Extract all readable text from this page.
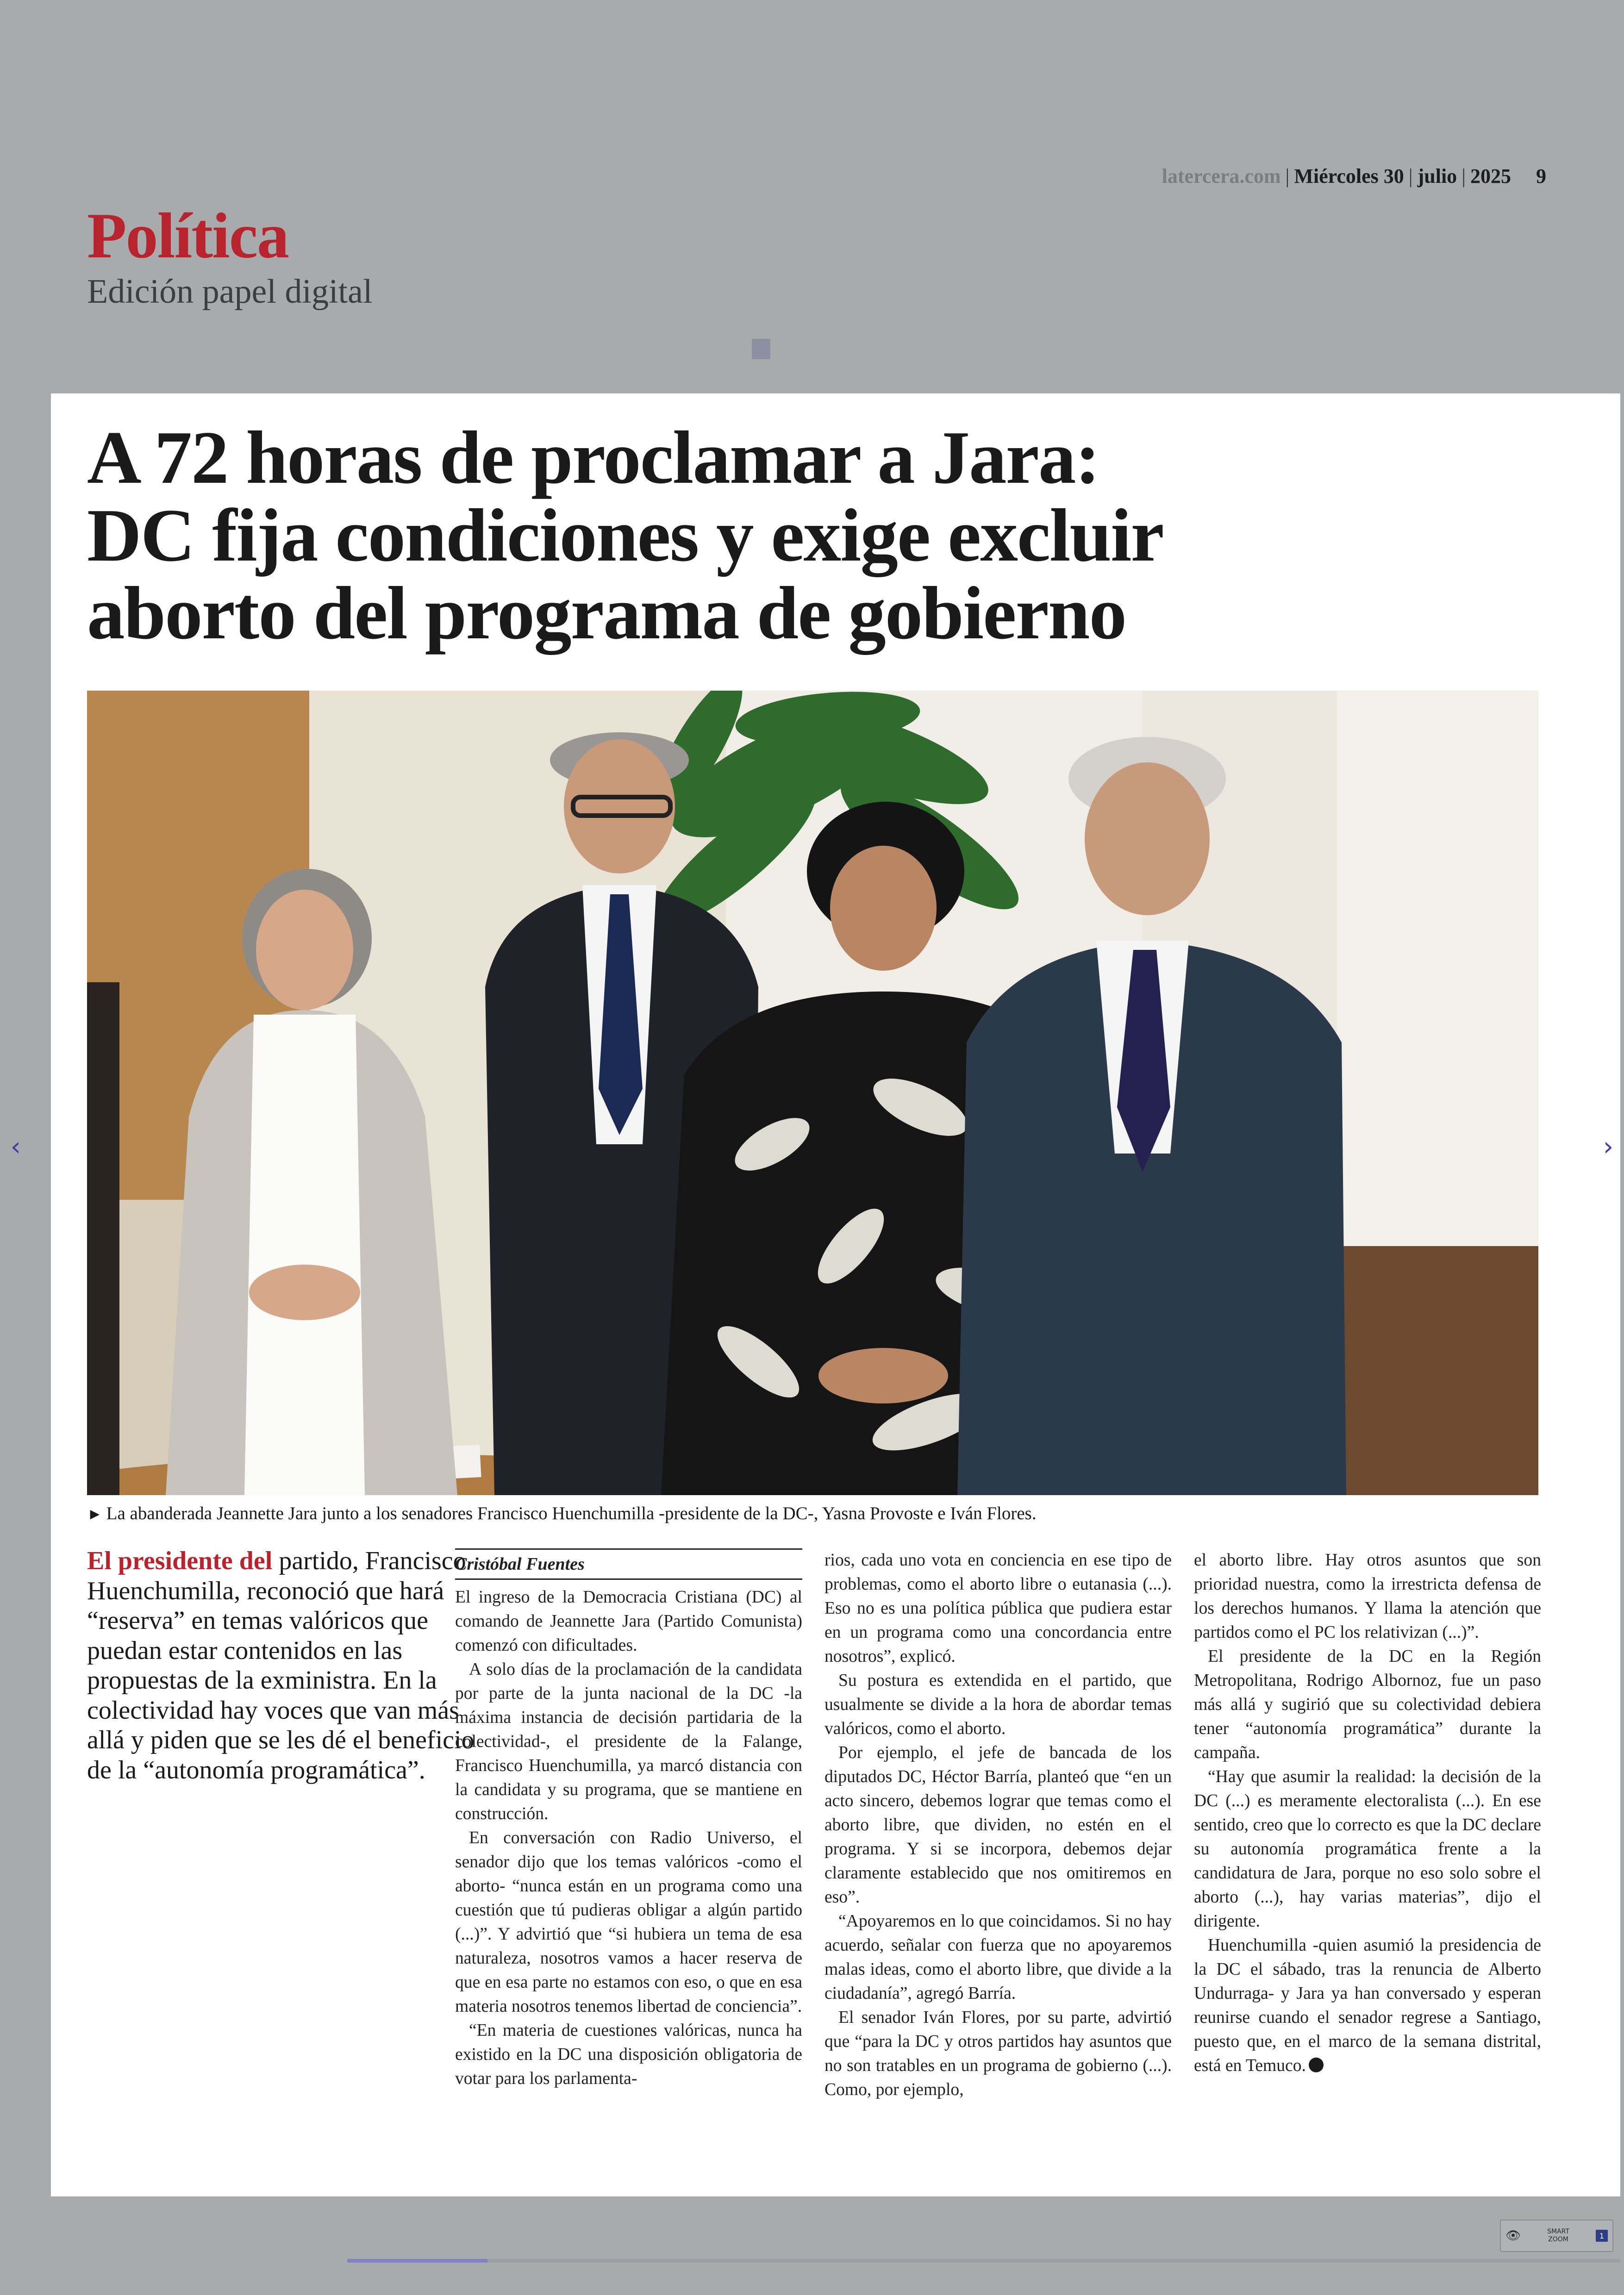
latercera.com | Miércoles 30 | julio | 2025 9
Política
Edición papel digital
A 72 horas de proclamar a Jara:
DC fija condiciones y exige excluir
aborto del programa de gobierno
► La abanderada Jeannette Jara junto a los senadores Francisco Huenchumilla -presidente de la DC-, Yasna Provoste e Iván Flores.
El presidente del partido, Francisco Huenchumilla, reconoció que hará “reserva” en temas valóricos que puedan estar contenidos en las propuestas de la exministra. En la colectividad hay voces que van más allá y piden que se les dé el beneficio de la “autonomía programática”.
Cristóbal Fuentes

El ingreso de la Democracia Cristiana (DC) al comando de Jeannette Jara (Partido Comunista) comenzó con dificultades.

A solo días de la proclamación de la candidata por parte de la junta nacional de la DC -la máxima instancia de decisión partidaria de la colectividad-, el presidente de la Falange, Francisco Huenchumilla, ya marcó distancia con la candidata y su programa, que se mantiene en construcción.

En conversación con Radio Universo, el senador dijo que los temas valóricos -como el aborto- “nunca están en un programa como una cuestión que tú pudieras obligar a algún partido (...)”. Y advirtió que “si hubiera un tema de esa naturaleza, nosotros vamos a hacer reserva de que en esa parte no estamos con eso, o que en esa materia nosotros tenemos libertad de conciencia”.

“En materia de cuestiones valóricas, nunca ha existido en la DC una disposición obligatoria de votar para los parlamenta-

rios, cada uno vota en conciencia en ese tipo de problemas, como el aborto libre o eutanasia (...). Eso no es una política pública que pudiera estar en un programa como una concordancia entre nosotros”, explicó.

Su postura es extendida en el partido, que usualmente se divide a la hora de abordar temas valóricos, como el aborto.

Por ejemplo, el jefe de bancada de los diputados DC, Héctor Barría, planteó que “en un acto sincero, debemos lograr que temas como el aborto libre, que dividen, no estén en el programa. Y si se incorpora, debemos dejar claramente establecido que nos omitiremos en eso”.

“Apoyaremos en lo que coincidamos. Si no hay acuerdo, señalar con fuerza que no apoyaremos malas ideas, como el aborto libre, que divide a la ciudadanía”, agregó Barría.

El senador Iván Flores, por su parte, advirtió que “para la DC y otros partidos hay asuntos que no son tratables en un programa de gobierno (...). Como, por ejemplo,

el aborto libre. Hay otros asuntos que son prioridad nuestra, como la irrestricta defensa de los derechos humanos. Y llama la atención que partidos como el PC los relativizan (...)”.

El presidente de la DC en la Región Metropolitana, Rodrigo Albornoz, fue un paso más allá y sugirió que su colectividad debiera tener “autonomía programática” durante la campaña.

“Hay que asumir la realidad: la decisión de la DC (...) es meramente electoralista (...). En ese sentido, creo que lo correcto es que la DC declare su autonomía programática frente a la candidatura de Jara, porque no eso solo sobre el aborto (...), hay varias materias”, dijo el dirigente.

Huenchumilla -quien asumió la presidencia de la DC el sábado, tras la renuncia de Alberto Undurraga- y Jara ya han conversado y esperan reunirse cuando el senador regrese a Santiago, puesto que, en el marco de la semana distrital, está en Temuco.

‹	›
👁	SMART
ZOOM	1
